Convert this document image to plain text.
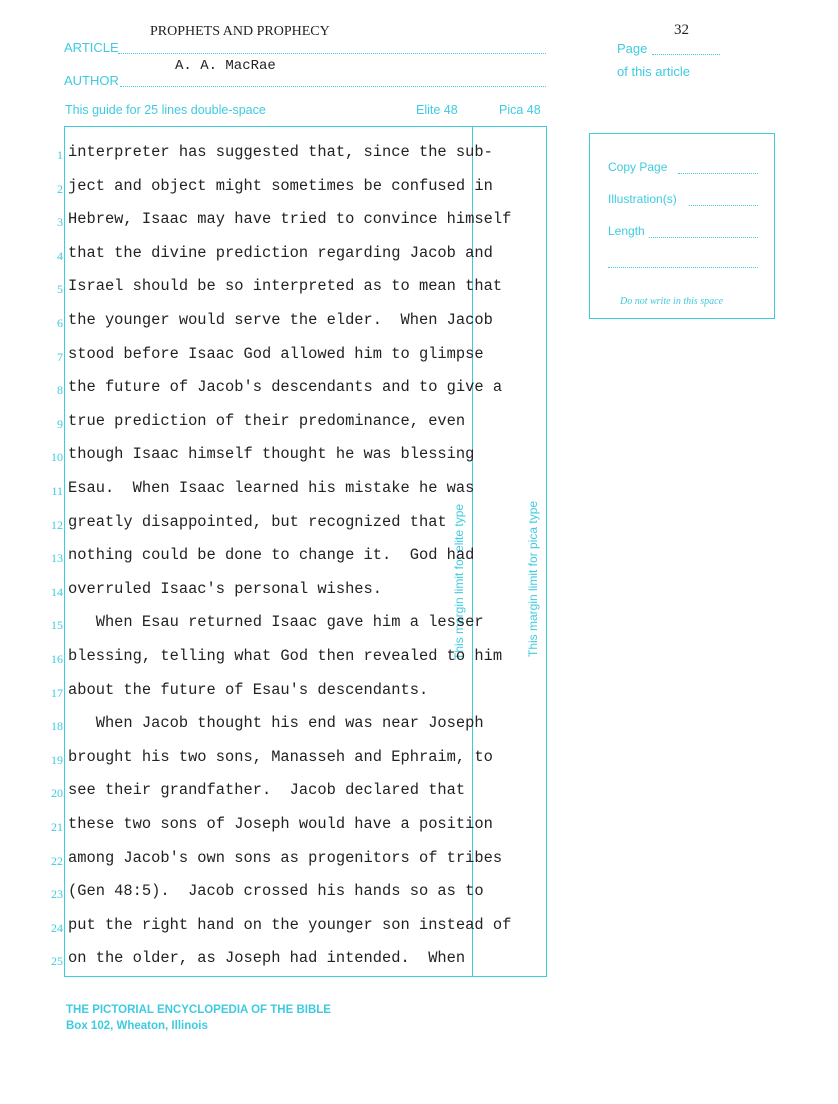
PROPHETS AND PROPHECY
ARTICLE
A. A. MacRae
AUTHOR
32
Page
of this article
This guide for 25 lines double-space	Elite 48	Pica 48
This margin limit for elite type	This margin limit for pica type
1 interpreter has suggested that, since the sub-
2 ject and object might sometimes be confused in
3 Hebrew, Isaac may have tried to convince himself
4 that the divine prediction regarding Jacob and
5 Israel should be so interpreted as to mean that
6 the younger would serve the elder.  When Jacob
7 stood before Isaac God allowed him to glimpse
8 the future of Jacob's descendants and to give a
9 true prediction of their predominance, even
10 though Isaac himself thought he was blessing
11 Esau.  When Isaac learned his mistake he was
12 greatly disappointed, but recognized that
13 nothing could be done to change it.  God had
14 overruled Isaac's personal wishes.
15 When Esau returned Isaac gave him a lesser
16 blessing, telling what God then revealed to him
17 about the future of Esau's descendants.
18 When Jacob thought his end was near Joseph
19 brought his two sons, Manasseh and Ephraim, to
20 see their grandfather.  Jacob declared that
21 these two sons of Joseph would have a position
22 among Jacob's own sons as progenitors of tribes
23 (Gen 48:5).  Jacob crossed his hands so as to
24 put the right hand on the younger son instead of
25 on the older, as Joseph had intended.  When
Copy Page
Illustration(s)
Length
Do not write in this space
THE PICTORIAL ENCYCLOPEDIA OF THE BIBLE
Box 102, Wheaton, Illinois
